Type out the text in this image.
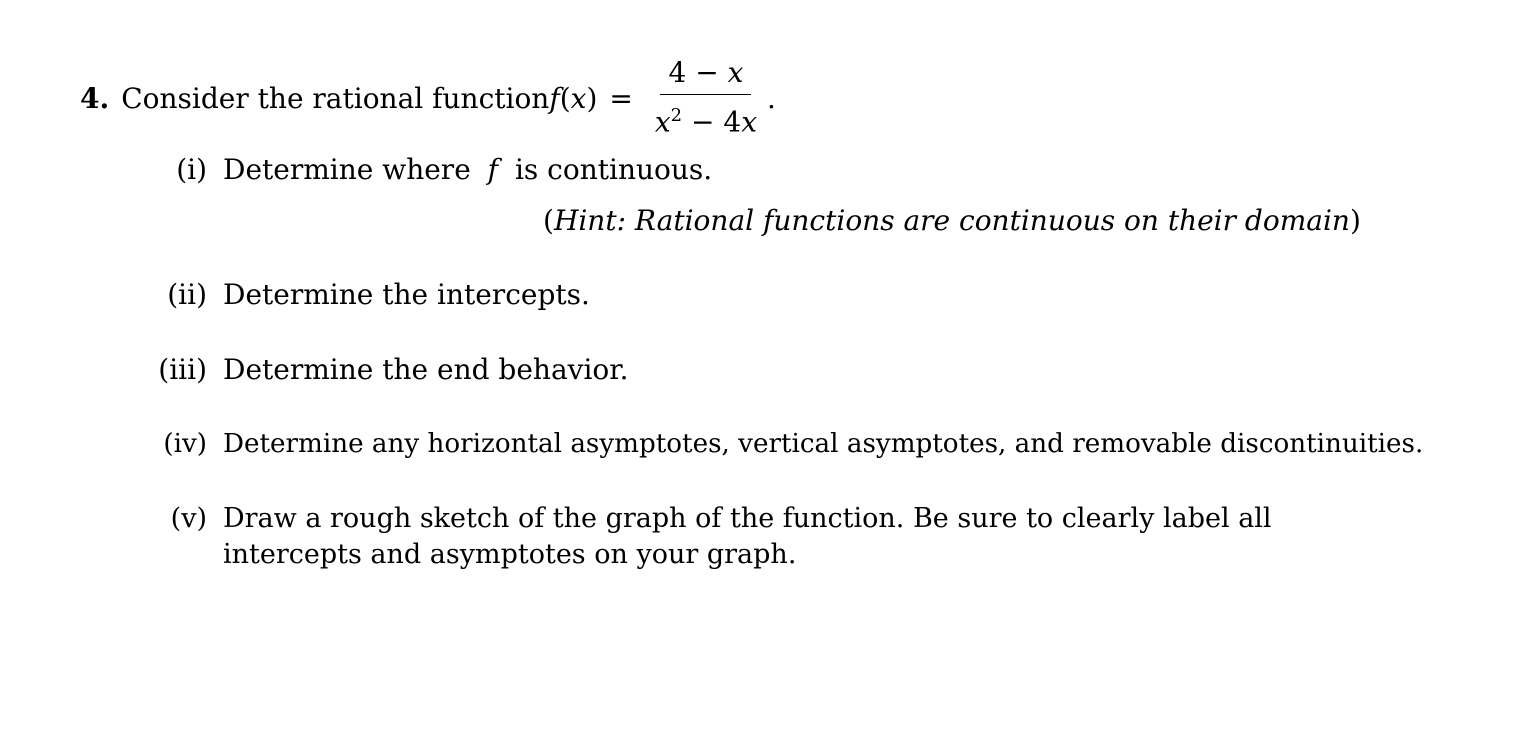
4. Consider the rational function f $(x) = \frac{4 - x}{x^2 - 4x}$ .
(i) Determine where f is continuous.
(Hint: Rational functions are continuous on their domain)
(ii) Determine the intercepts.
(iii) Determine the end behavior.
(iv) Determine any horizontal asymptotes, vertical asymptotes, and removable discontinuities.
(v) Draw a rough sketch of the graph of the function. Be sure to clearly label all
intercepts and asymptotes on your graph.
